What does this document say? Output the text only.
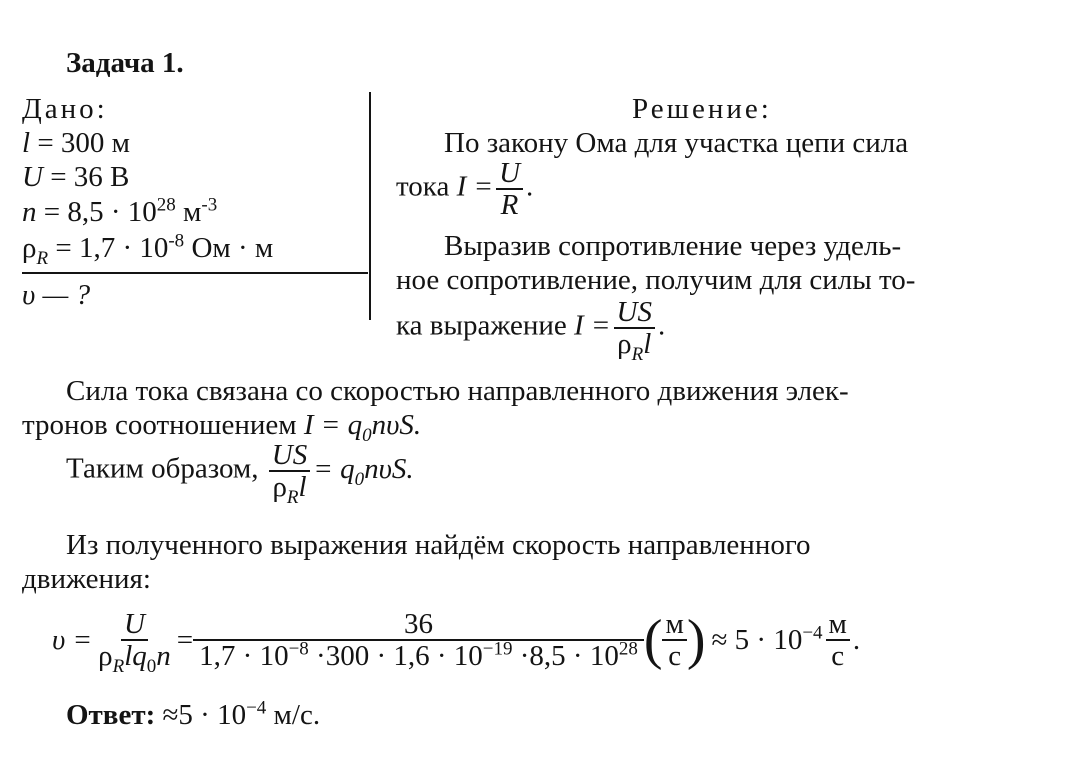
Задача 1.
Дано:
l = 300 м
U = 36 В
$n = 8,5 \cdot 10^{28}$ $м^{-3}$
$\rho_R = 1,7 \cdot 10^{-8}$ Ом · м
υ — ?
Решение:
По закону Ома для участка цепи сила
тока $I = \frac{U}{R}$ .
Выразив сопротивление через удель-
ное сопротивление, получим для силы то-
ка выражение $I = \frac{US}{\rho_Rl}$ .
Сила тока связана со скоростью направленного движения элек-
тронов соотношением $I = q_0n\upsilon S$.
Таким образом, $\frac{US}{\rho_Rl} = q_0n\upsilon S$.
Из полученного выражения найдём скорость направленного
движения:
$\upsilon = \frac{U}{\rho_Rlq_0n} = \frac{36}{1,7 \cdot 10^{-8} \cdot 300 \cdot 1,6 \cdot 10^{-19} \cdot 8,5 \cdot 10^{28}}$ ( $\frac{м}{с}$ ) ≈ $5 \cdot 10^{-4} \frac{м}{с}$ .
Ответ: $\approx 5 \cdot 10^{-4}$ м/с.
